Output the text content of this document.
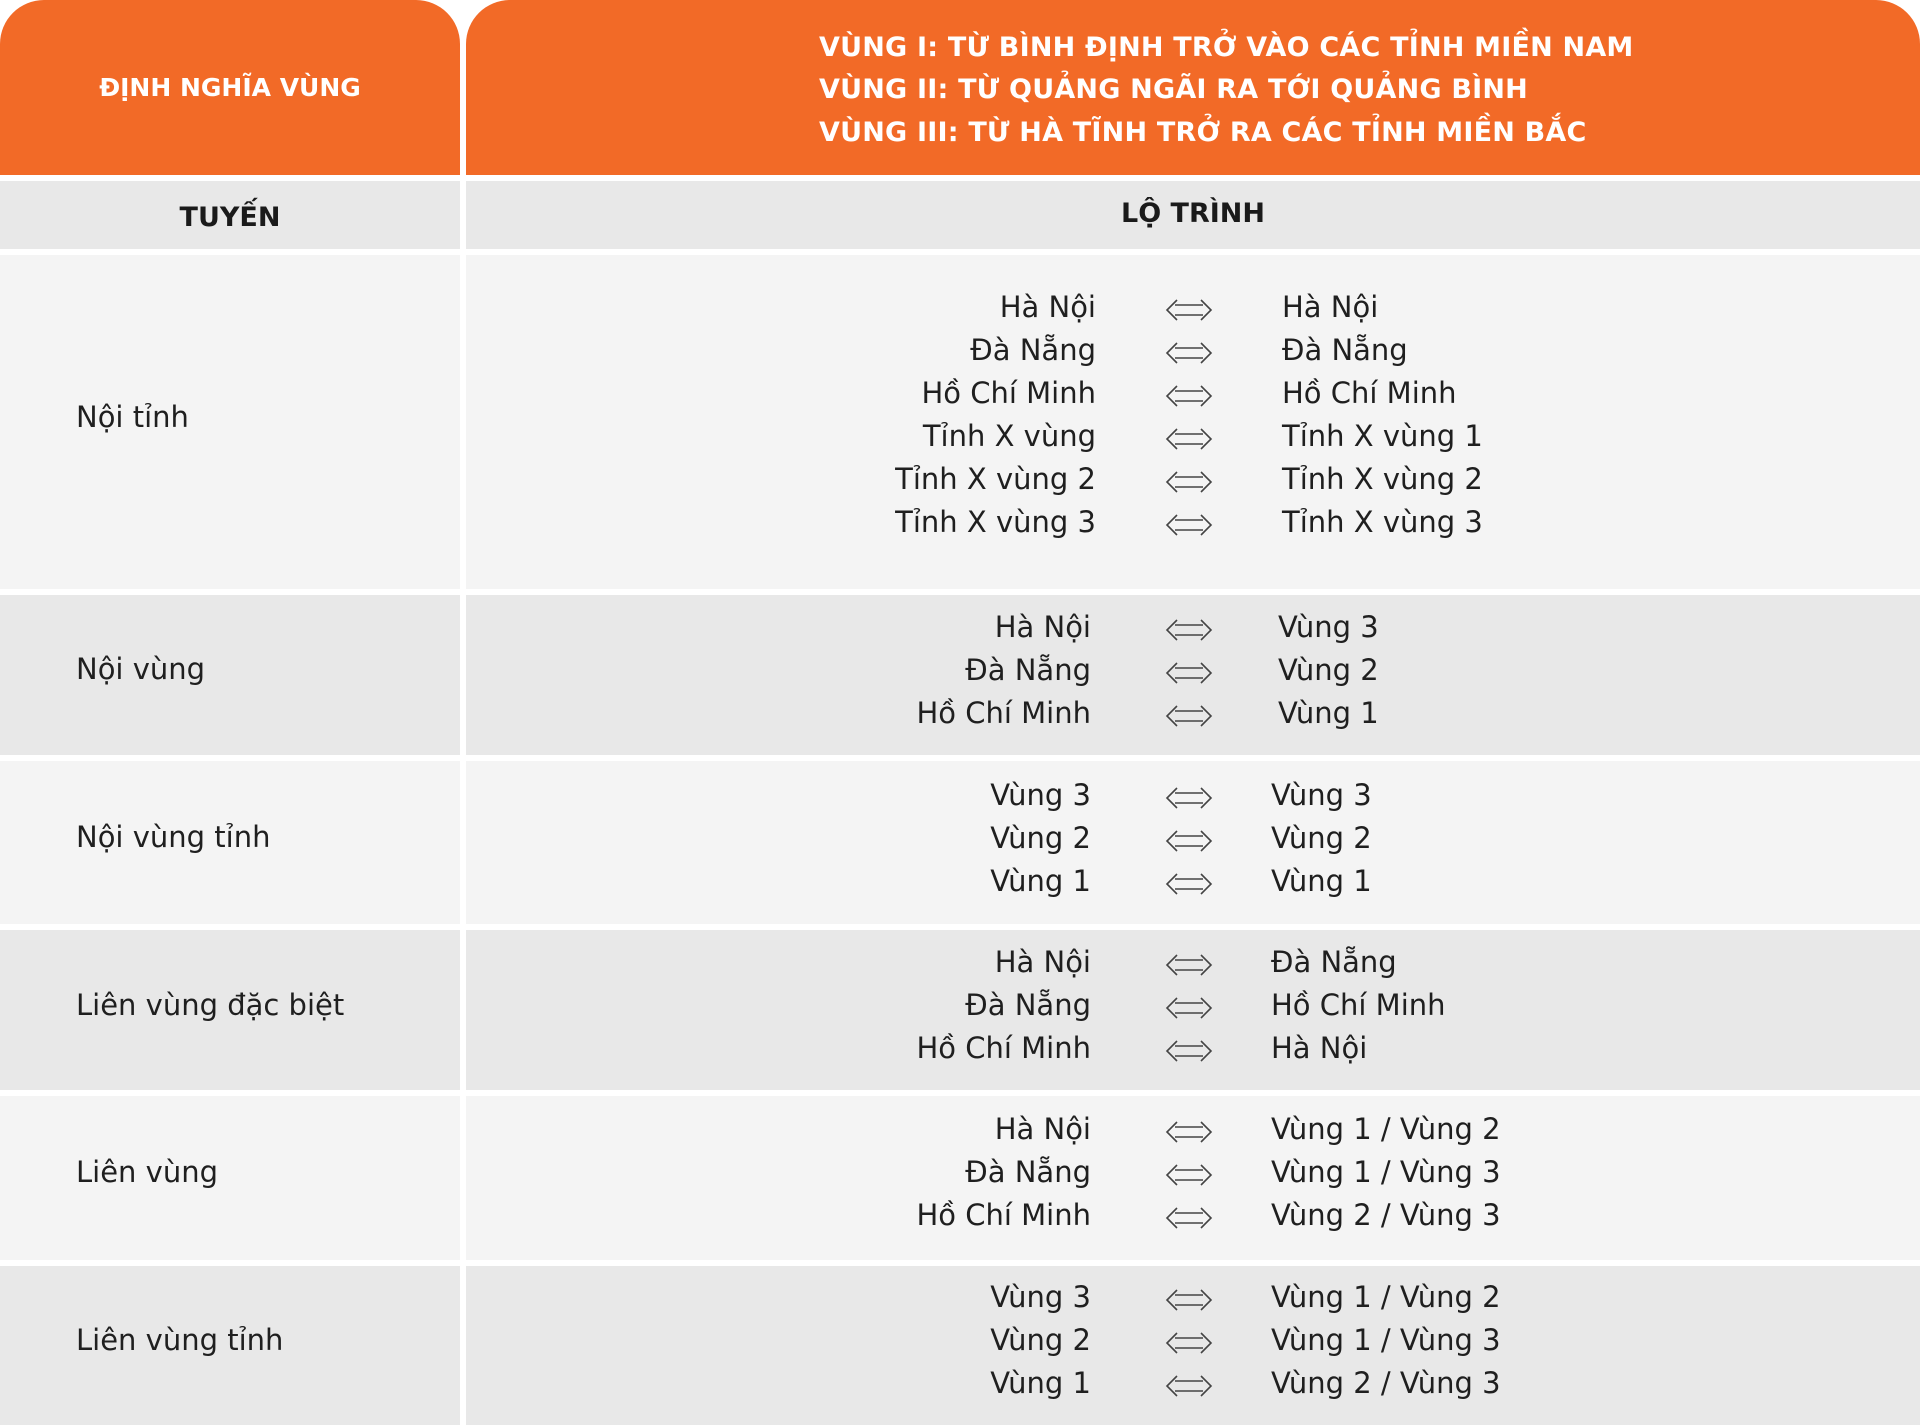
ĐỊNH NGHĨA VÙNG
VÙNG I: TỪ BÌNH ĐỊNH TRỞ VÀO CÁC TỈNH MIỀN NAM
VÙNG II: TỪ QUẢNG NGÃI RA TỚI QUẢNG BÌNH
VÙNG III: TỪ HÀ TĨNH TRỞ RA CÁC TỈNH MIỀN BẮC
TUYẾN	LỘ TRÌNH
Nội tỉnh
Hà Nội	Hà Nội
Đà Nẵng	Đà Nẵng
Hồ Chí Minh	Hồ Chí Minh
Tỉnh X vùng	Tỉnh X vùng 1
Tỉnh X vùng 2	Tỉnh X vùng 2
Tỉnh X vùng 3	Tỉnh X vùng 3
Nội vùng
Hà Nội	Vùng 3
Đà Nẵng	Vùng 2
Hồ Chí Minh	Vùng 1
Nội vùng tỉnh
Vùng 3	Vùng 3
Vùng 2	Vùng 2
Vùng 1	Vùng 1
Liên vùng đặc biệt
Hà Nội	Đà Nẵng
Đà Nẵng	Hồ Chí Minh
Hồ Chí Minh	Hà Nội
Liên vùng
Hà Nội	Vùng 1 / Vùng 2
Đà Nẵng	Vùng 1 / Vùng 3
Hồ Chí Minh	Vùng 2 / Vùng 3
Liên vùng tỉnh
Vùng 3	Vùng 1 / Vùng 2
Vùng 2	Vùng 1 / Vùng 3
Vùng 1	Vùng 2 / Vùng 3
